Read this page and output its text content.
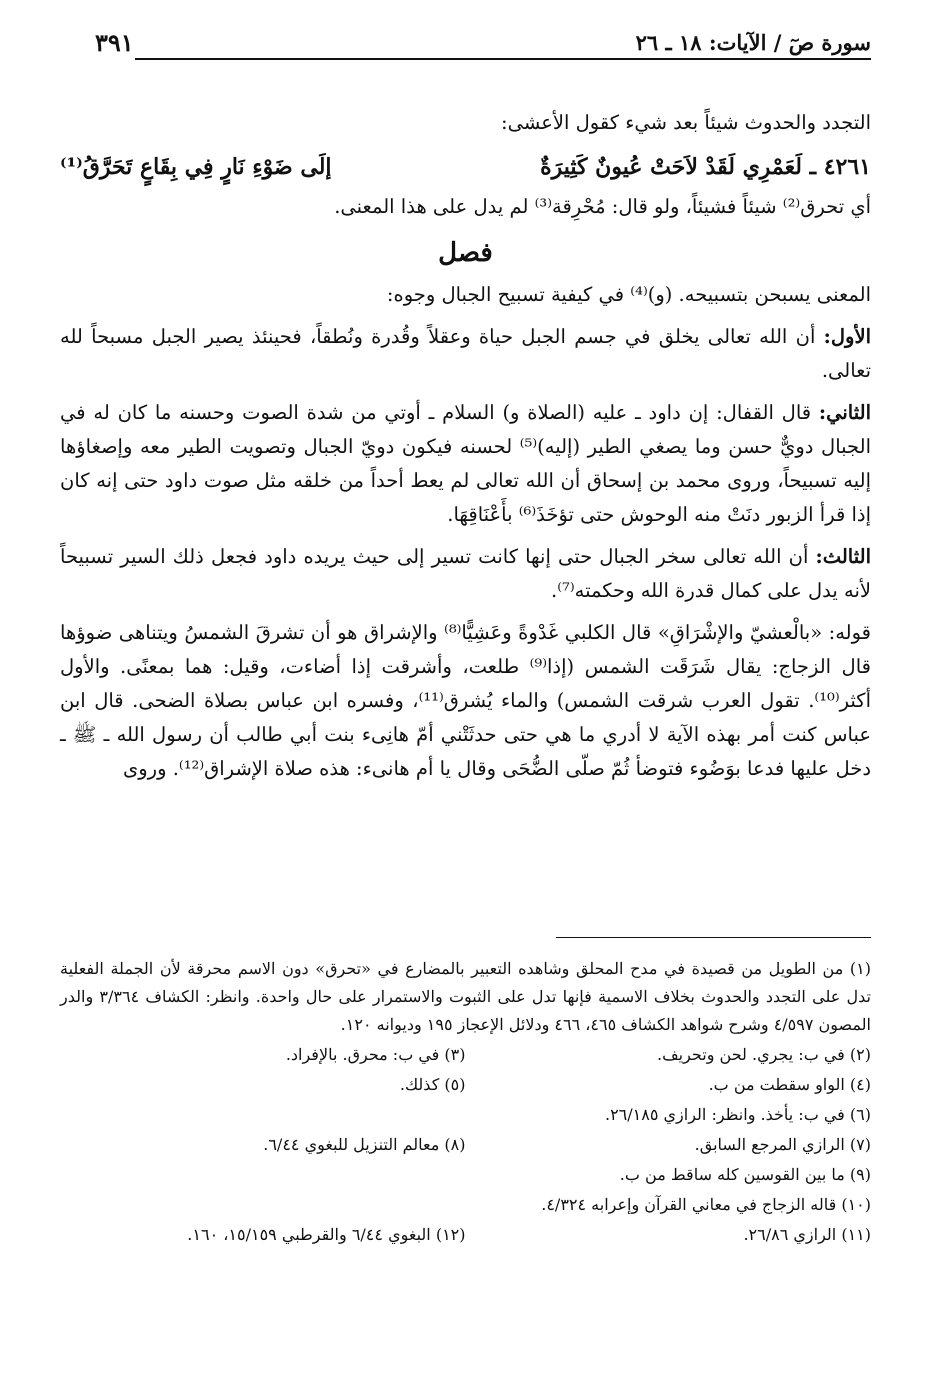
سورة صٓ / الآيات: ١٨ ـ ٢٦
٣٩١

التجدد والحدوث شيئاً بعد شيء كقول الأعشى:

٤٢٦١ ـ لَعَمْرِي لَقَدْ لاَحَتْ عُيونٌ كَثِيرَةٌ
إلَى ضَوْءِ نَارٍ فِي بِقَاعٍ تَحَرَّقُ⁽¹⁾

أي تحرق⁽²⁾ شيئاً فشيئاً، ولو قال: مُحْرِقة⁽³⁾ لم يدل على هذا المعنى.

فصل

المعنى يسبحن بتسبيحه. (و)⁽⁴⁾ في كيفية تسبيح الجبال وجوه:

الأول: أن الله تعالى يخلق في جسم الجبل حياة وعقلاً وقُدرة ونُطقاً، فحينئذ يصير الجبل مسبحاً لله تعالى.

الثاني: قال القفال: إن داود ـ عليه (الصلاة و) السلام ـ أوتي من شدة الصوت وحسنه ما كان له في الجبال دويٌّ حسن وما يصغي الطير (إليه)⁽⁵⁾ لحسنه فيكون دويّ الجبال وتصويت الطير معه وإصغاؤها إليه تسبيحاً، وروى محمد بن إسحاق أن الله تعالى لم يعط أحداً من خلقه مثل صوت داود حتى إنه كان إذا قرأ الزبور دنَتْ منه الوحوش حتى تؤخَذَ⁽⁶⁾ بأَعْنَاقِهَا.

الثالث: أن الله تعالى سخر الجبال حتى إنها كانت تسير إلى حيث يريده داود فجعل ذلك السير تسبيحاً لأنه يدل على كمال قدرة الله وحكمته⁽⁷⁾.

قوله: «بالْعشيّ والإشْرَاقِ» قال الكلبي غَدْوةً وعَشِيًّا⁽⁸⁾ والإشراق هو أن تشرقَ الشمسُ ويتناهى ضوؤها قال الزجاج: يقال شَرَقَت الشمس (إذا⁽⁹⁾ طلعت، وأشرقت إذا أضاءت، وقيل: هما بمعنًى. والأول أكثر⁽¹⁰⁾. تقول العرب شرقت الشمس) والماء يُشرق⁽¹¹⁾، وفسره ابن عباس بصلاة الضحى. قال ابن عباس كنت أمر بهذه الآية لا أدري ما هي حتى حدثَتْني أمّ هانِىء بنت أبي طالب أن رسول الله ـ ﷺ ـ دخل عليها فدعا بوَضُوء فتوضأ ثُمّ صلّى الضُّحَى وقال يا أم هانىء: هذه صلاة الإشراق⁽¹²⁾. وروى

(١) من الطويل من قصيدة في مدح المحلق وشاهده التعبير بالمضارع في «تحرق» دون الاسم محرقة لأن الجملة الفعلية تدل على التجدد والحدوث بخلاف الاسمية فإنها تدل على الثبوت والاستمرار على حال واحدة. وانظر: الكشاف ٣/٣٦٤ والدر المصون ٤/٥٩٧ وشرح شواهد الكشاف ٤٦٥، ٤٦٦ ودلائل الإعجاز ١٩٥ وديوانه ١٢٠.

(٢) في ب: يجري. لحن وتحريف.
(٣) في ب: محرق. بالإفراد.
(٤) الواو سقطت من ب.
(٥) كذلك.

(٦) في ب: يأخذ. وانظر: الرازي ٢٦/١٨٥.

(٧) الرازي المرجع السابق.
(٨) معالم التنزيل للبغوي ٦/٤٤.

(٩) ما بين القوسين كله ساقط من ب.

(١٠) قاله الزجاج في معاني القرآن وإعرابه ٤/٣٢٤.

(١١) الرازي ٢٦/٨٦.
(١٢) البغوي ٦/٤٤ والقرطبي ١٥/١٥٩، ١٦٠.
